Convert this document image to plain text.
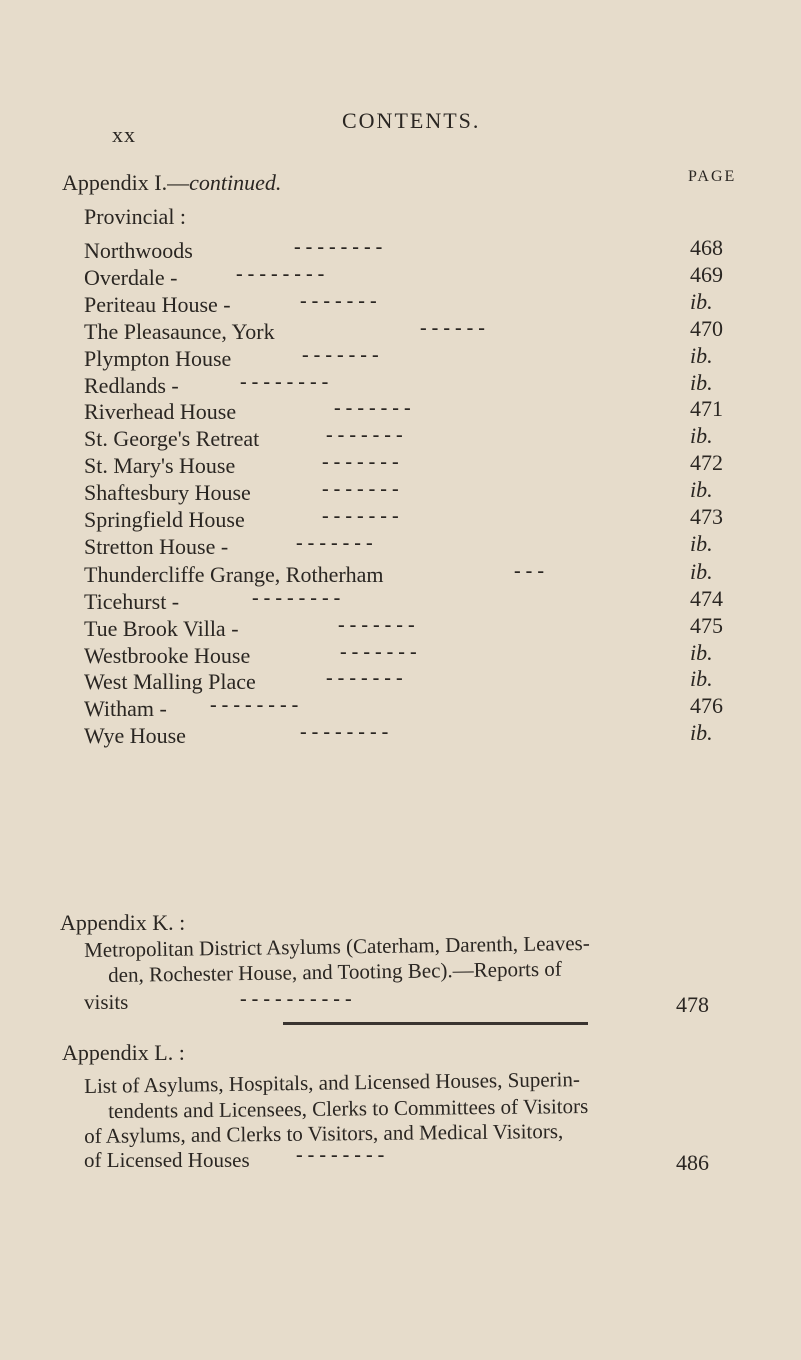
xx
CONTENTS.
PAGE
Appendix I.—continued.
Provincial :
Northwoods	- - - - - - - -	468
Overdale -	- - - - - - - -	469
Periteau House -	- - - - - - -	ib.
The Pleasaunce, York	- - - - - -	470
Plympton House	- - - - - - -	ib.
Redlands -	- - - - - - - -	ib.
Riverhead House	- - - - - - -	471
St. George's Retreat	- - - - - - -	ib.
St. Mary's House	- - - - - - -	472
Shaftesbury House	- - - - - - -	ib.
Springfield House	- - - - - - -	473
Stretton House -	- - - - - - -	ib.
Thundercliffe Grange, Rotherham	- - -	ib.
Ticehurst -	- - - - - - - -	474
Tue Brook Villa -	- - - - - - -	475
Westbrooke House	- - - - - - -	ib.
West Malling Place	- - - - - - -	ib.
Witham - - - - - - - - -	476
Wye House	- - - - - - - -	ib.
Appendix K. :
Metropolitan District Asylums (Caterham, Darenth, Leaves-
den, Rochester House, and Tooting Bec).—Reports of
visits	- - - - - - - - - -	478
Appendix L. :
List of Asylums, Hospitals, and Licensed Houses, Superin-
tendents and Licensees, Clerks to Committees of Visitors
of Asylums, and Clerks to Visitors, and Medical Visitors,
of Licensed Houses - - - - - - - -	486
